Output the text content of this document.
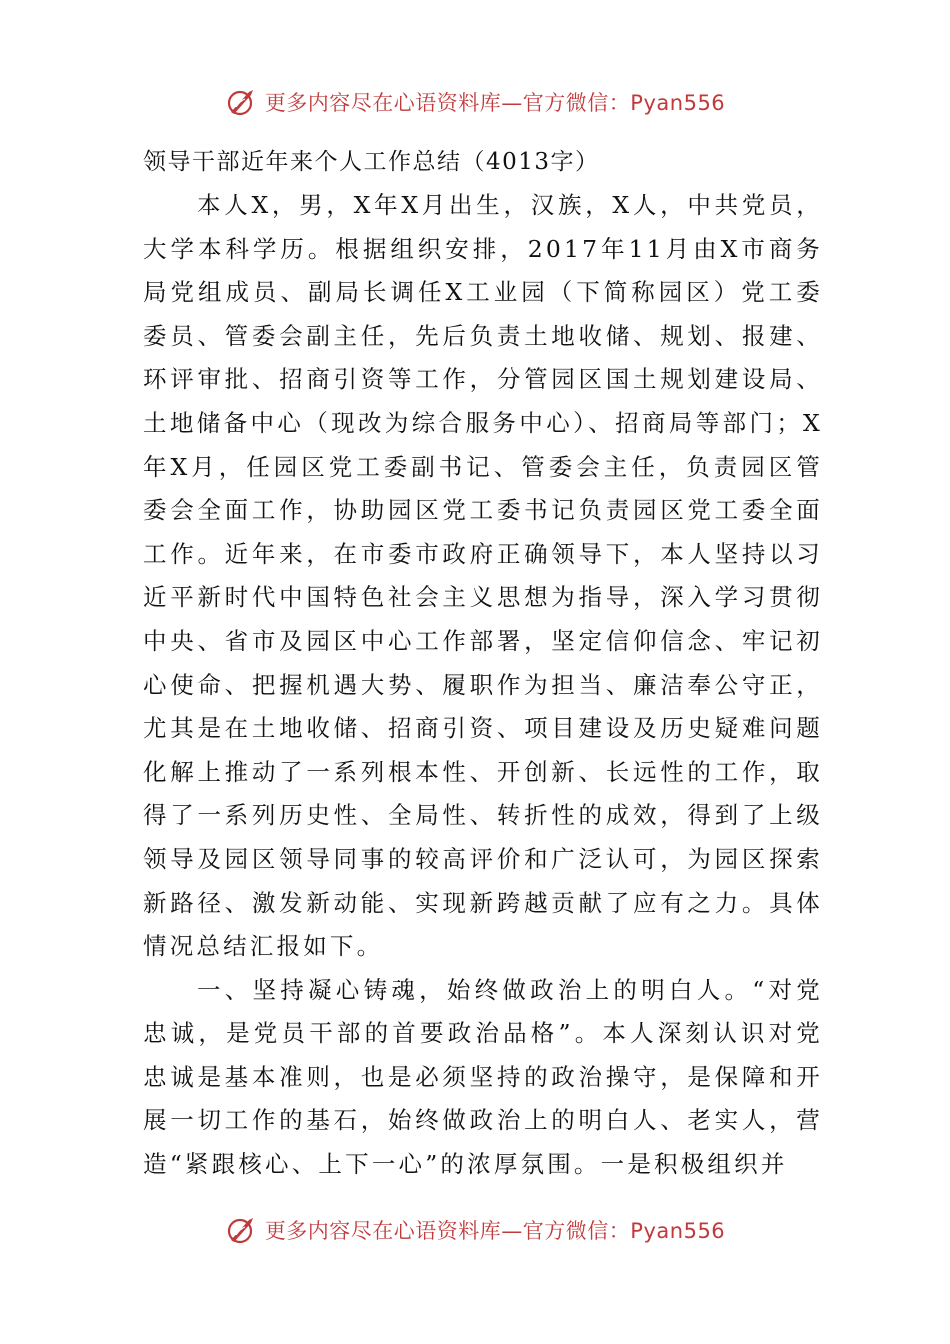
更多内容尽在心语资料库—官方微信：Pyan556
领导干部近年来个人工作总结（4013字）

本人X，男，X年X月出生，汉族，X人，中共党员，大学本科学历。根据组织安排，2017年11月由X市商务局党组成员、副局长调任X工业园（下简称园区）党工委委员、管委会副主任，先后负责土地收储、规划、报建、环评审批、招商引资等工作，分管园区国土规划建设局、土地储备中心（现改为综合服务中心）、招商局等部门；X年X月，任园区党工委副书记、管委会主任，负责园区管委会全面工作，协助园区党工委书记负责园区党工委全面工作。近年来，在市委市政府正确领导下，本人坚持以习近平新时代中国特色社会主义思想为指导，深入学习贯彻中央、省市及园区中心工作部署，坚定信仰信念、牢记初心使命、把握机遇大势、履职作为担当、廉洁奉公守正，尤其是在土地收储、招商引资、项目建设及历史疑难问题化解上推动了一系列根本性、开创新、长远性的工作，取得了一系列历史性、全局性、转折性的成效，得到了上级领导及园区领导同事的较高评价和广泛认可，为园区探索新路径、激发新动能、实现新跨越贡献了应有之力。具体情况总结汇报如下。

一、坚持凝心铸魂，始终做政治上的明白人。“对党忠诚，是党员干部的首要政治品格”。本人深刻认识对党忠诚是基本准则，也是必须坚持的政治操守，是保障和开展一切工作的基石，始终做政治上的明白人、老实人，营造“紧跟核心、上下一心”的浓厚氛围。一是积极组织并

更多内容尽在心语资料库—官方微信：Pyan556
